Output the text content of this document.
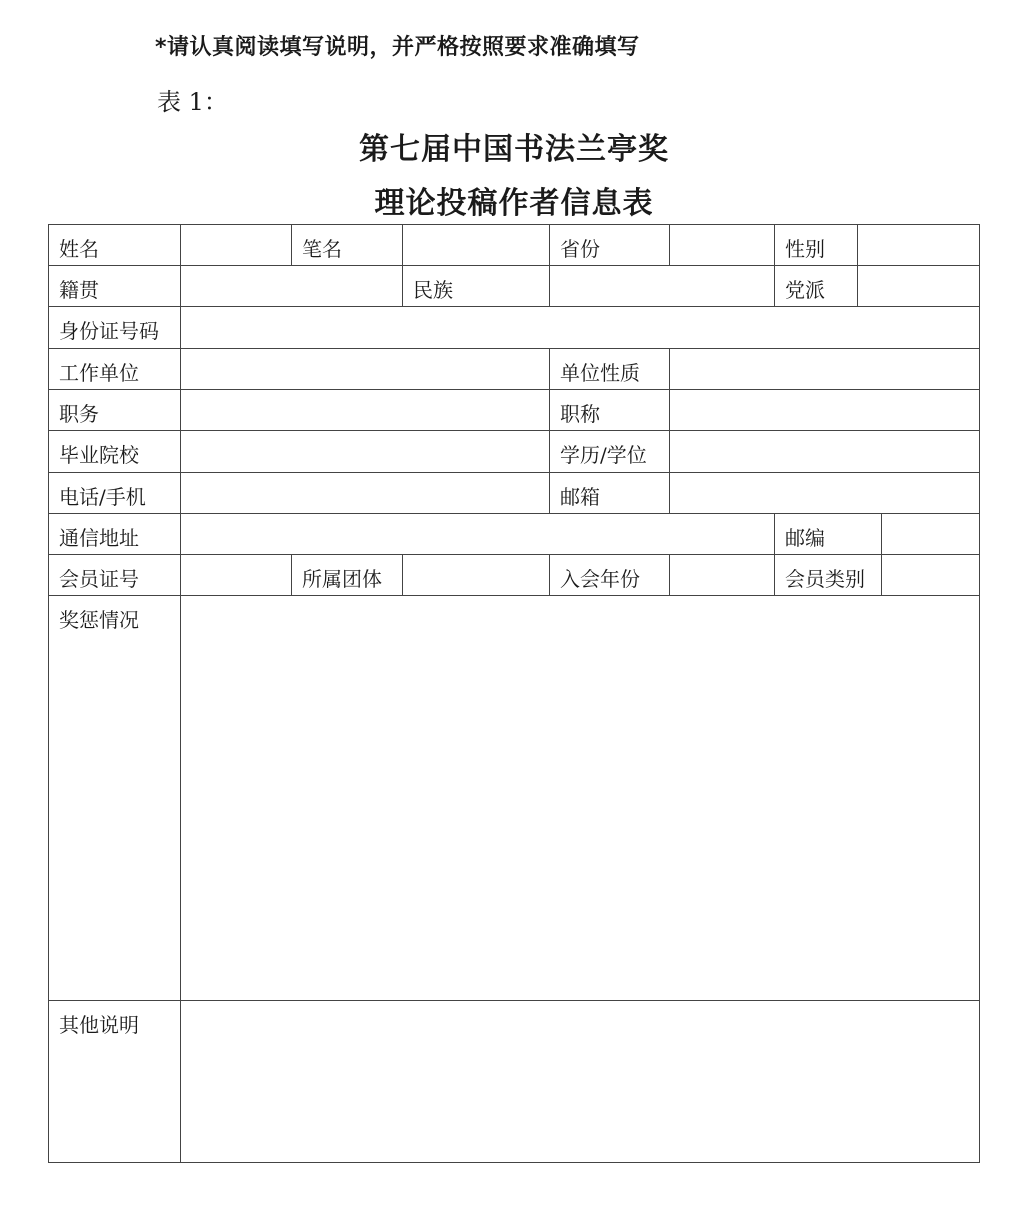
*请认真阅读填写说明，并严格按照要求准确填写
表 1：
第七届中国书法兰亭奖
理论投稿作者信息表
姓名	笔名	省份	性别
籍贯	民族	党派
身份证号码
工作单位	单位性质
职务	职称
毕业院校	学历/学位
电话/手机	邮箱
通信地址	邮编
会员证号	所属团体	入会年份	会员类别
奖惩情况
其他说明
